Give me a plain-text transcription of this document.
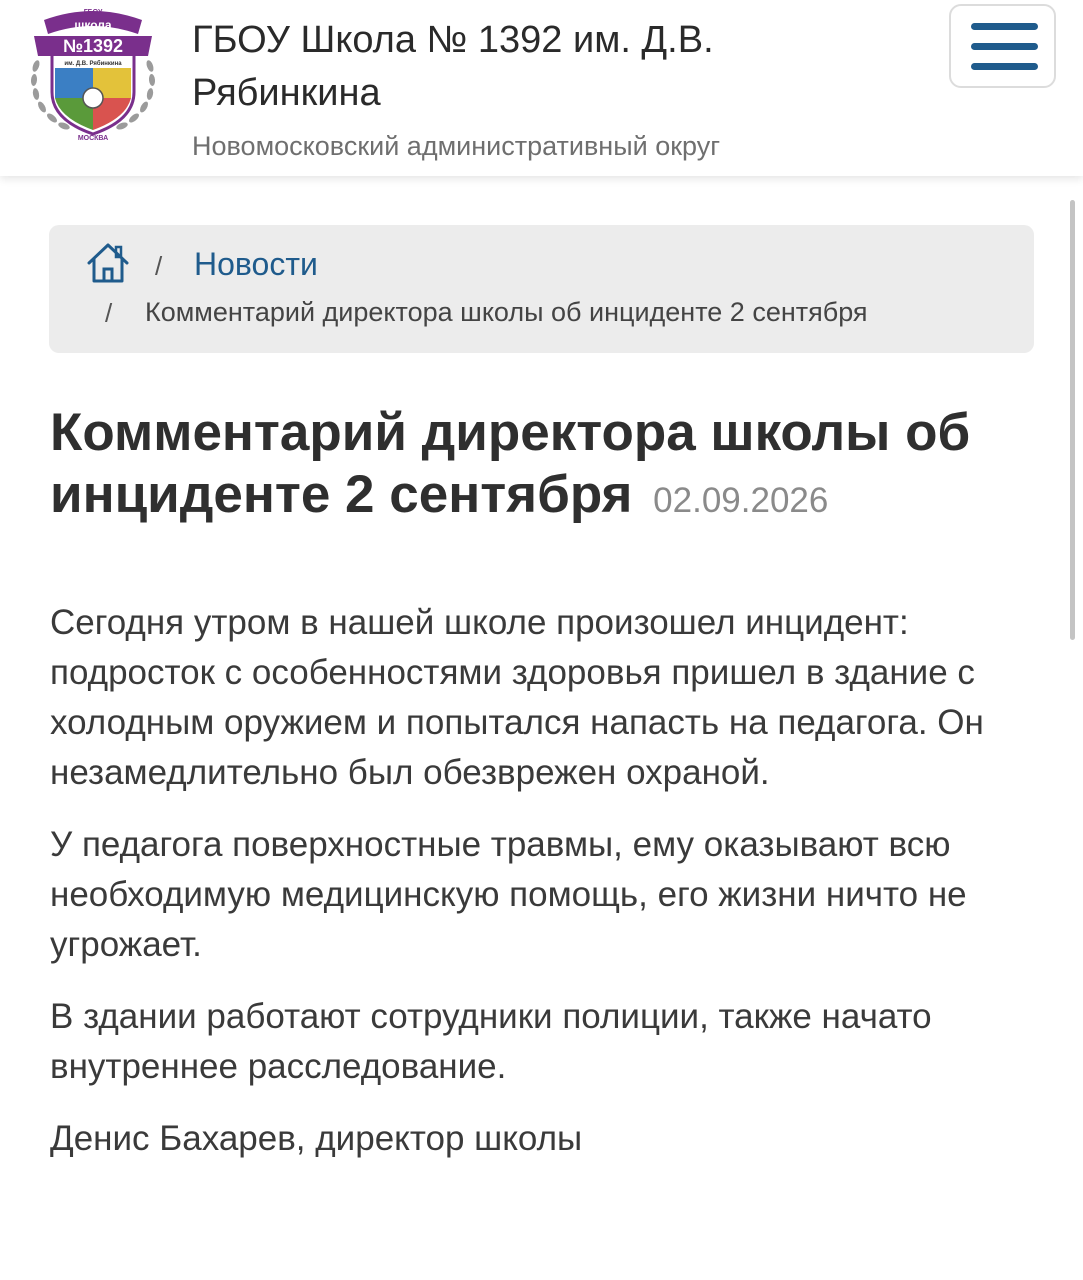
ГБОУ
школа
№1392
им. Д.В. Рябинкина
МОСКВА
ГБОУ Школа № 1392 им. Д.В. Рябинкина
Новомосковский административный округ
/ Новости
/ Комментарий директора школы об инциденте 2 сентября
Комментарий директора школы об инциденте 2 сентября 02.09.2026

Сегодня утром в нашей школе произошел инцидент: подросток с особенностями здоровья пришел в здание с холодным оружием и попытался напасть на педагога. Он незамедлительно был обезврежен охраной.

У педагога поверхностные травмы, ему оказывают всю необходимую медицинскую помощь, его жизни ничто не угрожает.

В здании работают сотрудники полиции, также начато внутреннее расследование.

Денис Бахарев, директор школы
